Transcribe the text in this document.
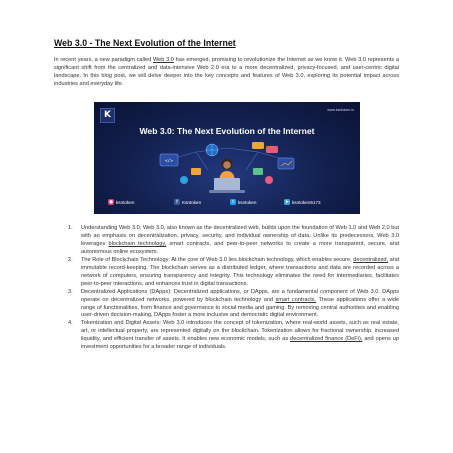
Web 3.0 - The Next Evolution of the Internet
In recent years, a new paradigm called Web 3.0 has emerged, promising to revolutionize the Internet as we know it. Web 3.0 represents a significant shift from the centralized and data-intensive Web 2.0 era to a more decentralized, privacy-focused, and user-centric digital landscape. In this blog post, we will delve deeper into the key concepts and features of Web 3.0, exploring its potential impact across industries and everyday life.
K	www.ksntoken.io
Web 3.0: The Next Evolution of the Internet
</>
◉ ksntoken	f Ksntoken	t ksntoken	➤ ksntoken5173
1. Understanding Web 3.0: Web 3.0, also known as the decentralized web, builds upon the foundation of Web 1.0 and Web 2.0 but with an emphasis on decentralization, privacy, security, and individual ownership of data. Unlike its predecessors, Web 3.0 leverages blockchain technology, smart contracts, and peer-to-peer networks to create a more transparent, secure, and autonomous online ecosystem.
2. The Role of Blockchain Technology: At the core of Web 3.0 lies blockchain technology, which enables secure, decentralized, and immutable record-keeping. The blockchain serves as a distributed ledger, where transactions and data are recorded across a network of computers, ensuring transparency and integrity. This technology eliminates the need for intermediaries, facilitates peer-to-peer interactions, and enhances trust in digital transactions.
3. Decentralized Applications (DApps): Decentralized applications, or DApps, are a fundamental component of Web 3.0. DApps operate on decentralized networks, powered by blockchain technology and smart contracts. These applications offer a wide range of functionalities, from finance and governance to social media and gaming. By removing central authorities and enabling user-driven decision-making, DApps foster a more inclusive and democratic digital environment.
4. Tokenization and Digital Assets: Web 3.0 introduces the concept of tokenization, where real-world assets, such as real estate, art, or intellectual property, are represented digitally on the blockchain. Tokenization allows for fractional ownership, increased liquidity, and efficient transfer of assets. It enables new economic models, such as decentralized finance (DeFi), and opens up investment opportunities for a broader range of individuals.
